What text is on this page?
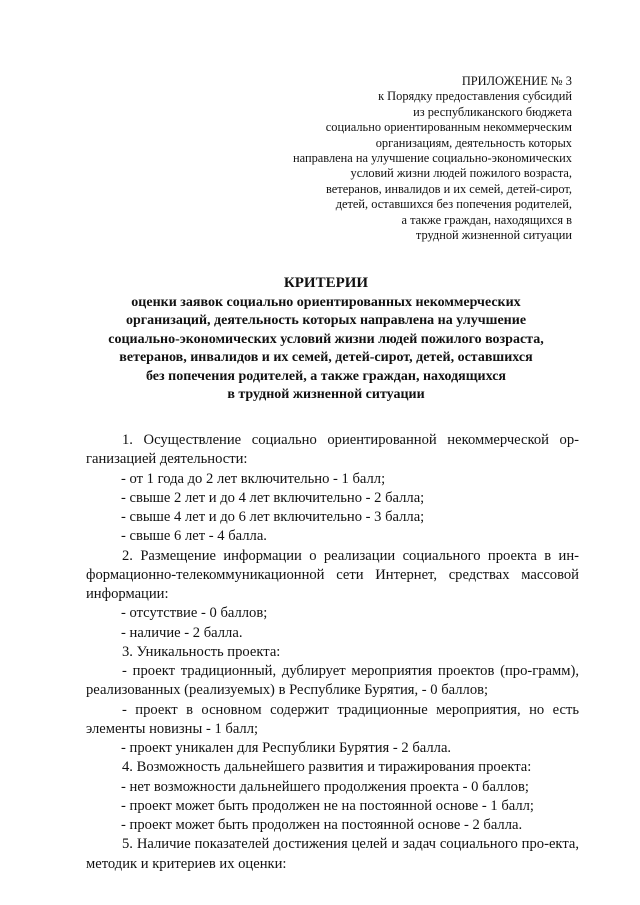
ПРИЛОЖЕНИЕ № 3
к Порядку предоставления субсидий
из республиканского бюджета
социально ориентированным некоммерческим
организациям, деятельность которых
направлена на улучшение социально-экономических
условий жизни людей пожилого возраста,
ветеранов, инвалидов и их семей, детей-сирот,
детей, оставшихся без попечения родителей,
а также граждан, находящихся в
трудной жизненной ситуации
КРИТЕРИИ
оценки заявок социально ориентированных некоммерческих
организаций, деятельность которых направлена на улучшение
социально-экономических условий жизни людей пожилого возраста,
ветеранов, инвалидов и их семей, детей-сирот, детей, оставшихся
без попечения родителей, а также граждан, находящихся
в трудной жизненной ситуации

1. Осуществление социально ориентированной некоммерческой ор-ганизацией деятельности:

- от 1 года до 2 лет включительно - 1 балл;

- свыше 2 лет и до 4 лет включительно - 2 балла;

- свыше 4 лет и до 6 лет включительно - 3 балла;

- свыше 6 лет - 4 балла.

2. Размещение информации о реализации социального проекта в ин-формационно-телекоммуникационной сети Интернет, средствах массовой информации:

- отсутствие - 0 баллов;

- наличие - 2 балла.

3. Уникальность проекта:

- проект традиционный, дублирует мероприятия проектов (про-грамм), реализованных (реализуемых) в Республике Бурятия, - 0 баллов;

- проект в основном содержит традиционные мероприятия, но есть элементы новизны - 1 балл;

- проект уникален для Республики Бурятия - 2 балла.

4. Возможность дальнейшего развития и тиражирования проекта:

- нет возможности дальнейшего продолжения проекта - 0 баллов;

- проект может быть продолжен не на постоянной основе - 1 балл;

- проект может быть продолжен на постоянной основе - 2 балла.

5. Наличие показателей достижения целей и задач социального про-екта, методик и критериев их оценки:
